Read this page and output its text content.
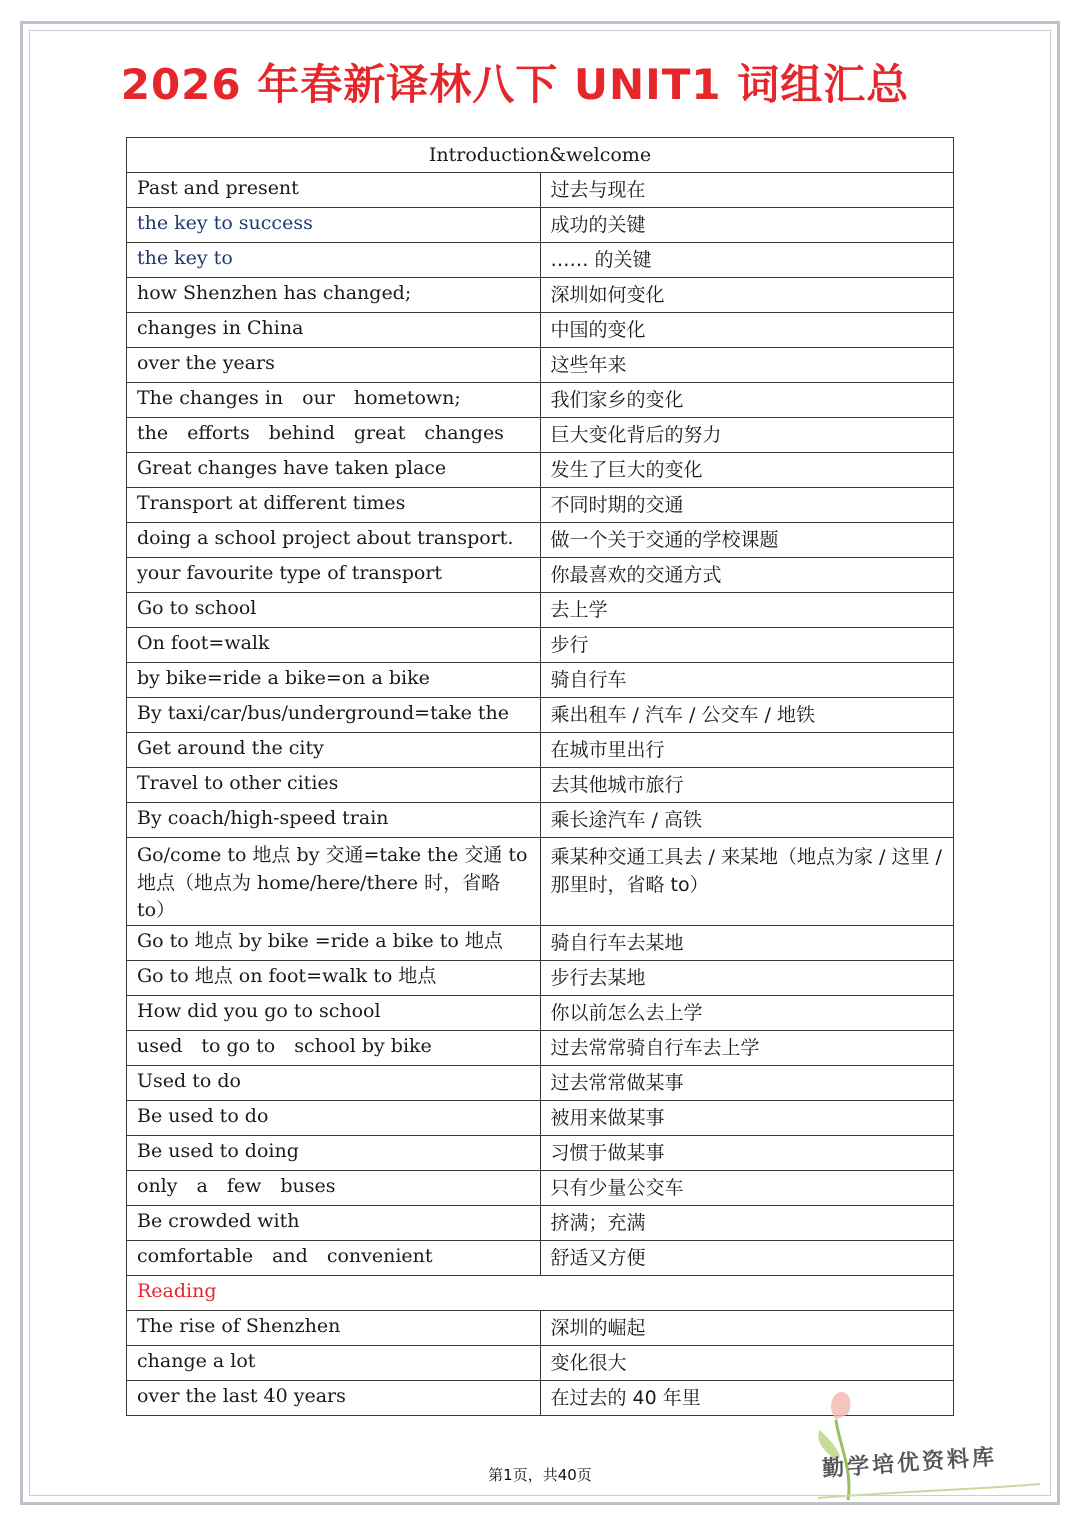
2026 年春新译林八下 UNIT1 词组汇总
Introduction&welcome	
Past and present	过去与现在
the key to success	成功的关键
the key to	…… 的关键
how Shenzhen has changed;	深圳如何变化
changes in China	中国的变化
over the years	这些年来
The changes in　our　hometown;	我们家乡的变化
the　efforts　behind　great　changes	巨大变化背后的努力
Great changes have taken place	发生了巨大的变化
Transport at different times	不同时期的交通
doing a school project about transport.	做一个关于交通的学校课题
your favourite type of transport	你最喜欢的交通方式
Go to school	去上学
On foot=walk	步行
by bike=ride a bike=on a bike	骑自行车
By taxi/car/bus/underground=take the	乘出租车 / 汽车 / 公交车 / 地铁
Get around the city	在城市里出行
Travel to other cities	去其他城市旅行
By coach/high-speed train	乘长途汽车 / 高铁
Go/come to 地点 by 交通=take the 交通 to 地点（地点为 home/here/there 时，省略 to）	乘某种交通工具去 / 来某地（地点为家 / 这里 / 那里时，省略 to）
Go to 地点 by bike =ride a bike to 地点	骑自行车去某地
Go to 地点 on foot=walk to 地点	步行去某地
How did you go to school	你以前怎么去上学
used　to go to　school by bike	过去常常骑自行车去上学
Used to do	过去常常做某事
Be used to do	被用来做某事
Be used to doing	习惯于做某事
only　a　few　buses	只有少量公交车
Be crowded with	挤满；充满
comfortable　and　convenient	舒适又方便
Reading	
The rise of Shenzhen	深圳的崛起
change a lot	变化很大
over the last 40 years	在过去的 40 年里
第1页，共40页	勤学培优资料库
